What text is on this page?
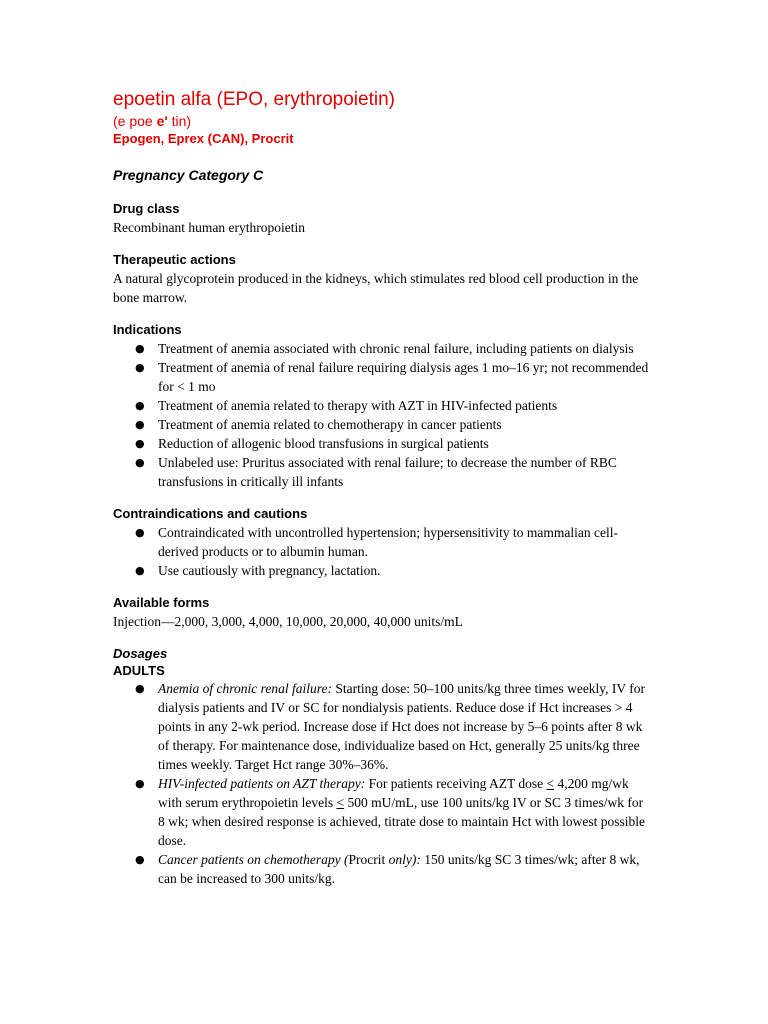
epoetin alfa (EPO, erythropoietin)
(e poe e' tin)
Epogen, Eprex (CAN), Procrit
Pregnancy Category C
Drug class

Recombinant human erythropoietin

Therapeutic actions

A natural glycoprotein produced in the kidneys, which stimulates red blood cell production in the bone marrow.

Indications
● Treatment of anemia associated with chronic renal failure, including patients on dialysis
● Treatment of anemia of renal failure requiring dialysis ages 1 mo–16 yr; not recommended for < 1 mo
● Treatment of anemia related to therapy with AZT in HIV-infected patients
● Treatment of anemia related to chemotherapy in cancer patients
● Reduction of allogenic blood transfusions in surgical patients
● Unlabeled use: Pruritus associated with renal failure; to decrease the number of RBC transfusions in critically ill infants
Contraindications and cautions
● Contraindicated with uncontrolled hypertension; hypersensitivity to mammalian cell-derived products or to albumin human.
● Use cautiously with pregnancy, lactation.
Available forms

Injection—2,000, 3,000, 4,000, 10,000, 20,000, 40,000 units/mL

Dosages
ADULTS
● Anemia of chronic renal failure: Starting dose: 50–100 units/kg three times weekly, IV for dialysis patients and IV or SC for nondialysis patients. Reduce dose if Hct increases > 4 points in any 2-wk period. Increase dose if Hct does not increase by 5–6 points after 8 wk of therapy. For maintenance dose, individualize based on Hct, generally 25 units/kg three times weekly. Target Hct range 30%–36%.
● HIV-infected patients on AZT therapy: For patients receiving AZT dose ≤ 4,200 mg/wk with serum erythropoietin levels ≤ 500 mU/mL, use 100 units/kg IV or SC 3 times/wk for 8 wk; when desired response is achieved, titrate dose to maintain Hct with lowest possible dose.
● Cancer patients on chemotherapy (Procrit only): 150 units/kg SC 3 times/wk; after 8 wk, can be increased to 300 units/kg.
